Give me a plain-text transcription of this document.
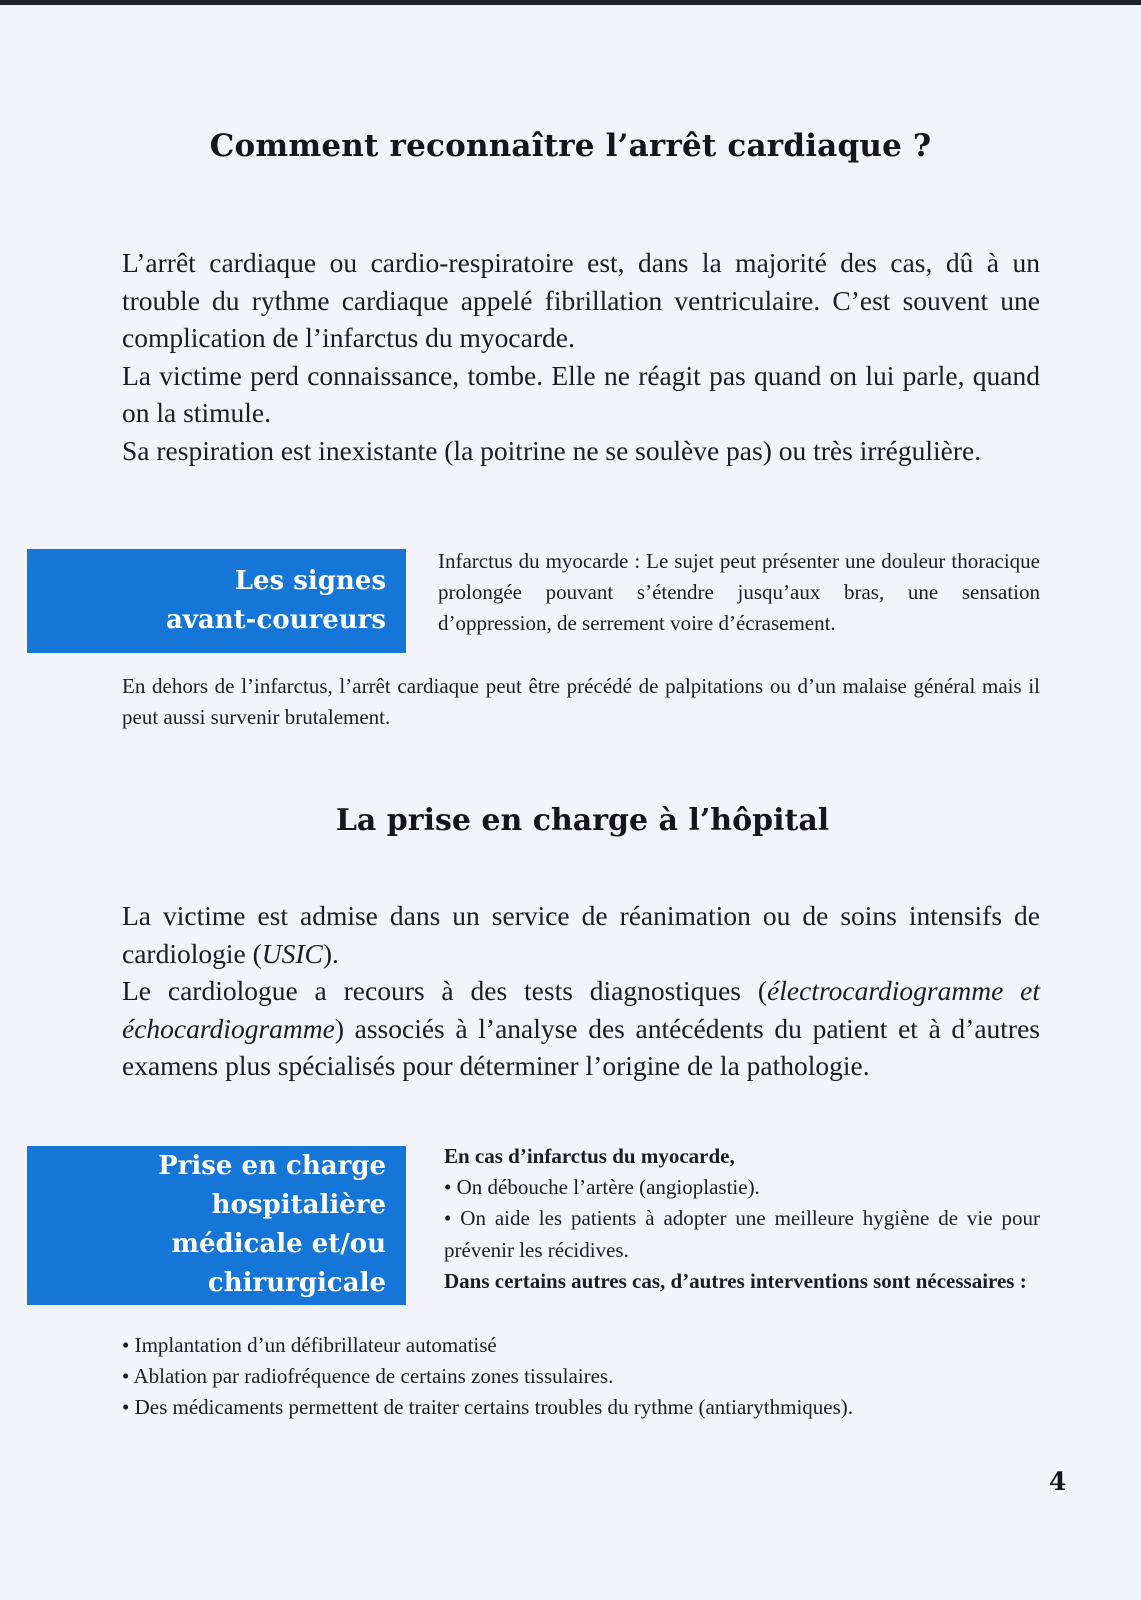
Comment reconnaître l’arrêt cardiaque ?

L’arrêt cardiaque ou cardio-respiratoire est, dans la majorité des cas, dû à un trouble du rythme cardiaque appelé fibrillation ventriculaire. C’est souvent une complication de l’infarctus du myocarde.

La victime perd connaissance, tombe. Elle ne réagit pas quand on lui parle, quand on la stimule.

Sa respiration est inexistante (la poitrine ne se soulève pas) ou très irrégulière.

Les signes
avant-coureurs

Infarctus du myocarde : Le sujet peut présenter une douleur thoracique prolongée pouvant s’étendre jusqu’aux bras, une sensation d’oppression, de serrement voire d’écrasement.

En dehors de l’infarctus, l’arrêt cardiaque peut être précédé de palpitations ou d’un malaise général mais il peut aussi survenir brutalement.

La prise en charge à l’hôpital

La victime est admise dans un service de réanimation ou de soins intensifs de cardiologie (USIC).

Le cardiologue a recours à des tests diagnostiques (électrocardiogramme et échocardiogramme) associés à l’analyse des antécédents du patient et à d’autres examens plus spécialisés pour déterminer l’origine de la pathologie.

Prise en charge
hospitalière
médicale et/ou
chirurgicale

En cas d’infarctus du myocarde,

• On débouche l’artère (angioplastie).

• On aide les patients à adopter une meilleure hygiène de vie pour prévenir les récidives.

Dans certains autres cas, d’autres interventions sont nécessaires :

• Implantation d’un défibrillateur automatisé

• Ablation par radiofréquence de certains zones tissulaires.

• Des médicaments permettent de traiter certains troubles du rythme (antiarythmiques).

4
